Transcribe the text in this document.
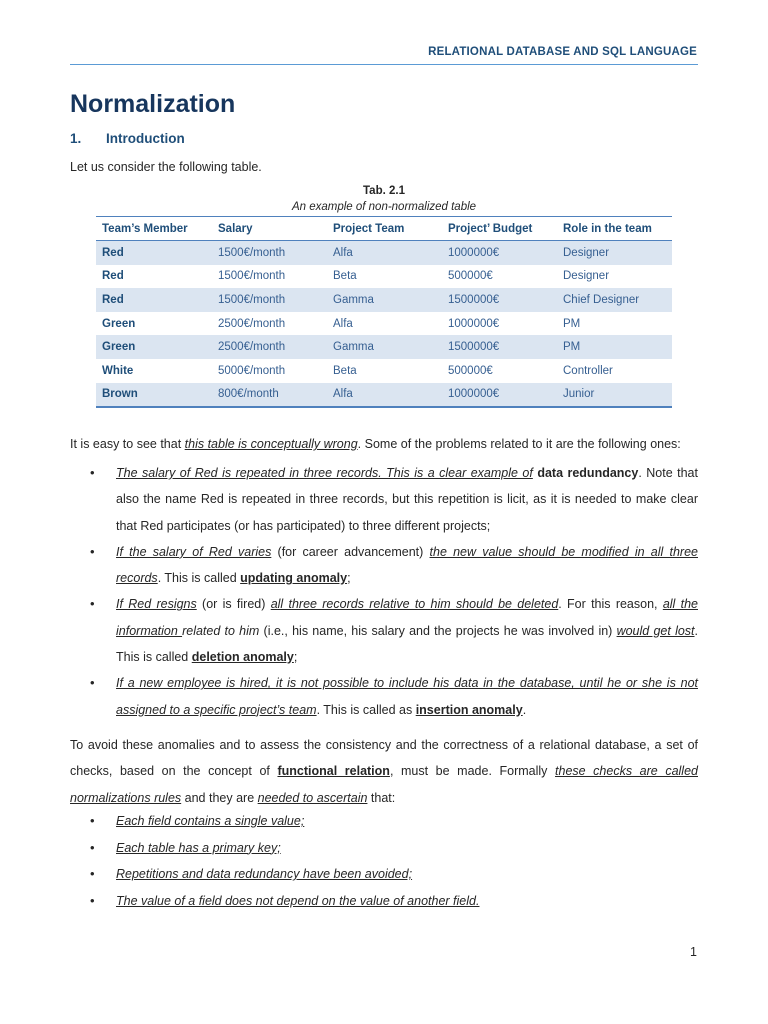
RELATIONAL DATABASE AND SQL LANGUAGE
Normalization
1. Introduction
Let us consider the following table.
Tab. 2.1
An example of non-normalized table
Team’s Member	Salary	Project Team	Project’ Budget	Role in the team
Red	1500€/month	Alfa	1000000€	Designer
Red	1500€/month	Beta	500000€	Designer
Red	1500€/month	Gamma	1500000€	Chief Designer
Green	2500€/month	Alfa	1000000€	PM
Green	2500€/month	Gamma	1500000€	PM
White	5000€/month	Beta	500000€	Controller
Brown	800€/month	Alfa	1000000€	Junior
It is easy to see that this table is conceptually wrong. Some of the problems related to it are the following ones:
• The salary of Red is repeated in three records. This is a clear example of data redundancy. Note that also the name Red is repeated in three records, but this repetition is licit, as it is needed to make clear that Red participates (or has participated) to three different projects;
• If the salary of Red varies (for career advancement) the new value should be modified in all three records. This is called updating anomaly;
• If Red resigns (or is fired) all three records relative to him should be deleted. For this reason, all the information related to him (i.e., his name, his salary and the projects he was involved in) would get lost. This is called deletion anomaly;
• If a new employee is hired, it is not possible to include his data in the database, until he or she is not assigned to a specific project’s team. This is called as insertion anomaly.
To avoid these anomalies and to assess the consistency and the correctness of a relational database, a set of checks, based on the concept of functional relation, must be made. Formally these checks are called normalizations rules and they are needed to ascertain that:
• Each field contains a single value;
• Each table has a primary key;
• Repetitions and data redundancy have been avoided;
• The value of a field does not depend on the value of another field.
1
